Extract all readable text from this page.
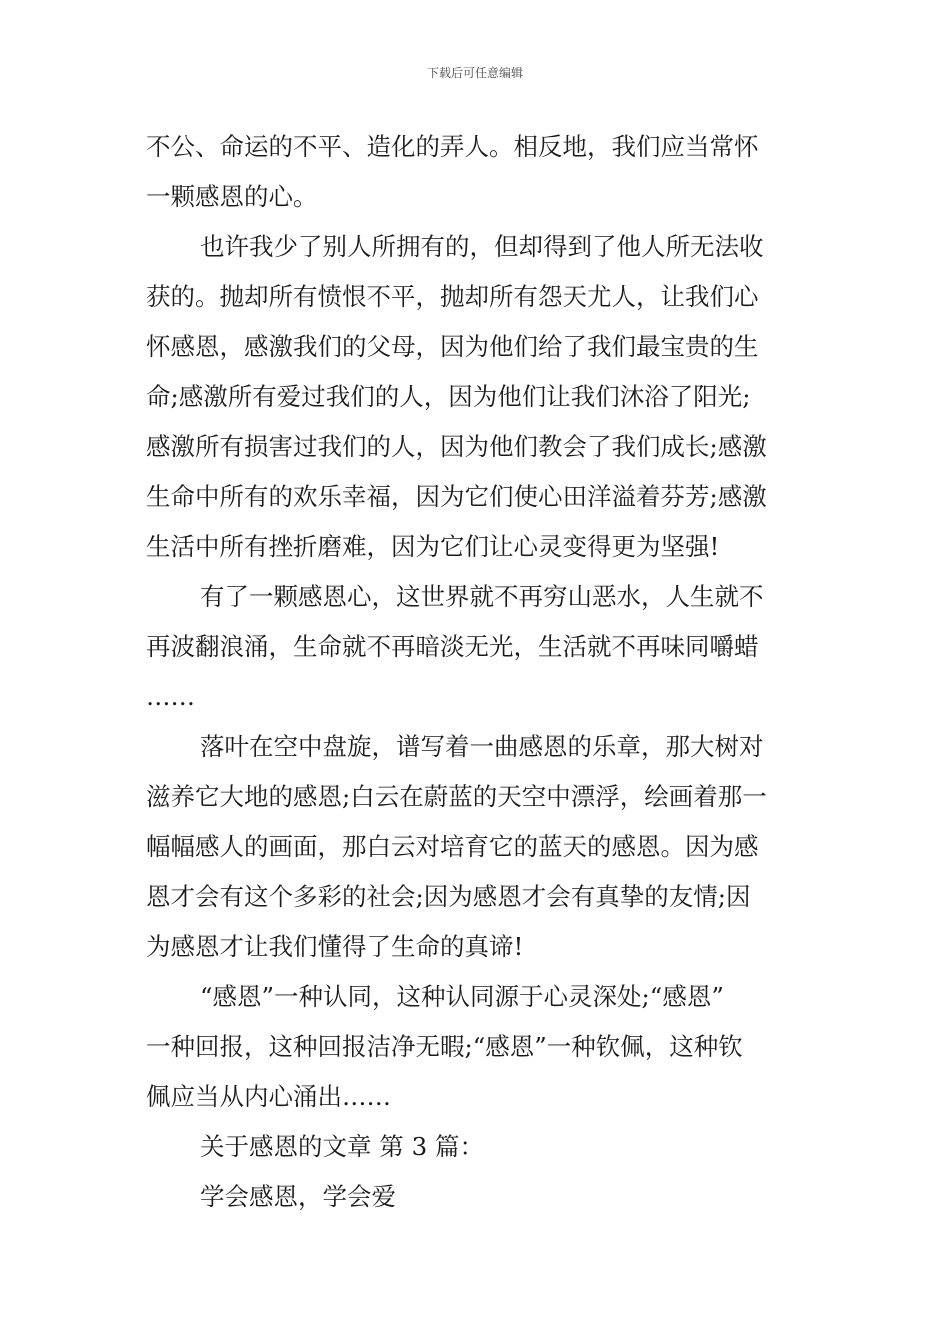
下载后可任意编辑
不公、命运的不平、造化的弄人。相反地，我们应当常怀
一颗感恩的心。
也许我少了别人所拥有的，但却得到了他人所无法收
获的。抛却所有愤恨不平，抛却所有怨天尤人，让我们心
怀感恩，感激我们的父母，因为他们给了我们最宝贵的生
命;感激所有爱过我们的人，因为他们让我们沐浴了阳光;
感激所有损害过我们的人，因为他们教会了我们成长;感激
生命中所有的欢乐幸福，因为它们使心田洋溢着芬芳;感激
生活中所有挫折磨难，因为它们让心灵变得更为坚强!
有了一颗感恩心，这世界就不再穷山恶水，人生就不
再波翻浪涌，生命就不再暗淡无光，生活就不再味同嚼蜡
……
落叶在空中盘旋，谱写着一曲感恩的乐章，那大树对
滋养它大地的感恩;白云在蔚蓝的天空中漂浮，绘画着那一
幅幅感人的画面，那白云对培育它的蓝天的感恩。因为感
恩才会有这个多彩的社会;因为感恩才会有真挚的友情;因
为感恩才让我们懂得了生命的真谛!
“感恩”一种认同，这种认同源于心灵深处;“感恩”
一种回报，这种回报洁净无暇;“感恩”一种钦佩，这种钦
佩应当从内心涌出……
关于感恩的文章 第 3 篇：
学会感恩，学会爱
